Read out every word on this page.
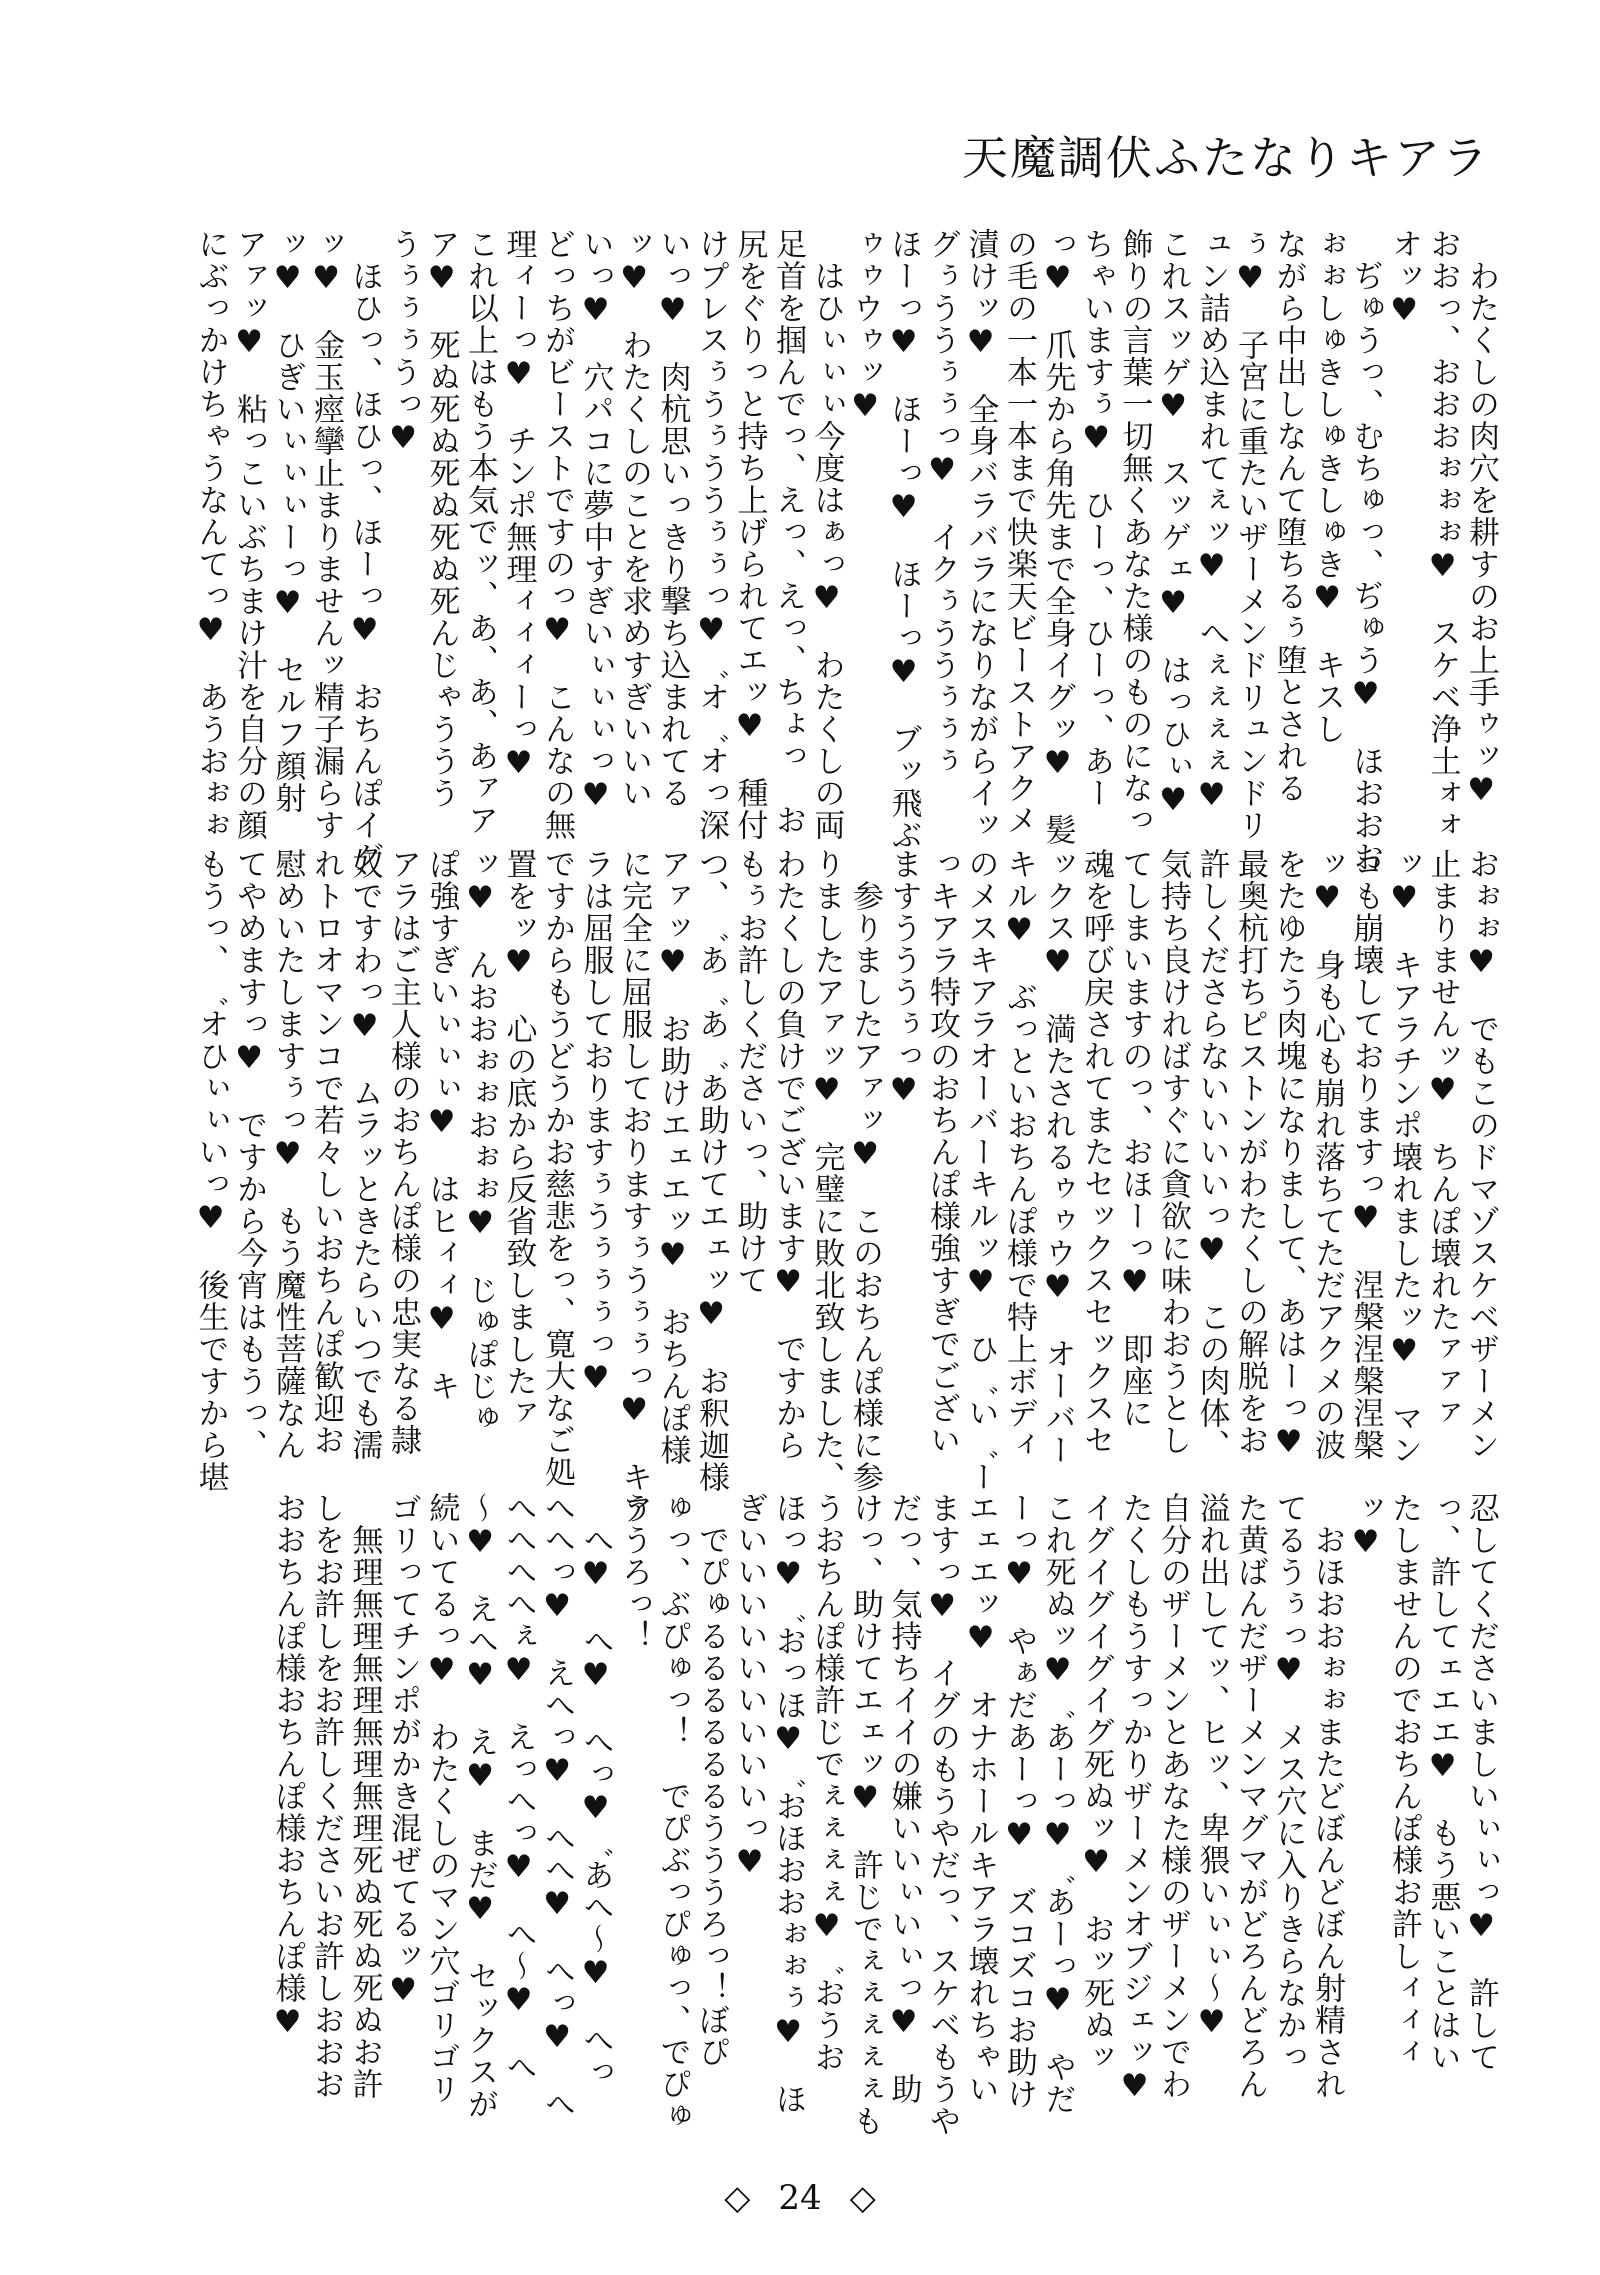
天魔調伏ふたなりキアラ
　わたくしの肉穴を耕すのお上手ゥッ♥
おおっ、おおおぉぉぉ♥　スケベ浄土ォォ
オッ♥
　ぢゅうっ、むちゅっ、ぢゅう♥　ほおおお
ぉぉしゅきしゅきしゅき♥　キスし
ながら中出しなんて堕ちるぅ堕とされる
ぅ♥　子宮に重たいザーメンドリュンドリ
ュン詰め込まれてぇッ♥　へぇぇぇぇ♥
これスッゲ♥　スッゲェ♥　はっひぃ♥
飾りの言葉一切無くあなた様のものになっ
ちゃいますぅ♥　ひーっ、ひーっ、あー
っ♥　爪先から角先まで全身イグッ♥　髪
の毛の一本一本まで快楽天ビーストアクメ
漬けッ♥　全身バラバラになりながらイッ
グぅううぅぅっ♥　イクぅううぅぅぅ
ほーっ♥　ほーっ♥　ほーっ♥　ブッ飛ぶ
ゥゥウゥッ♥
　はひぃぃぃ今度はぁっ♥　わたくしの両
足首を掴んでっ、えっ、えっ、ちょっ　お
尻をぐりっと持ち上げられてエッ♥　種付
けプレスぅうぅううぅぅっ♥゛オ゛オっ深
いっ♥　肉杭思いっきり撃ち込まれてる
ッ♥　わたくしのことを求めすぎいいい
いっ♥　穴パコに夢中すぎいぃぃぃっ♥
どっちがビーストですのっ♥　こんなの無
理ィーっ♥　チンポ無理ィィィーっ♥
これ以上はもう本気でッ、あ、あ、あァア
ア♥　死ぬ死ぬ死ぬ死ぬ死んじゃううう
うぅぅぅうっ♥
　ほひっ、ほひっ、ほーっ♥　おちんぽイグ
ッ♥　金玉痙攣止まりませんッ精子漏らす
ッ♥　ひぎいぃぃぃーっ♥　セルフ顔射
アァッ♥　粘っこいぶちまけ汁を自分の顔
にぶっかけちゃうなんてっ♥　あうおぉぉ
おぉぉ♥　でもこのドマゾスケベザーメン
止まりませんッ♥　ちんぽ壊れたァァァ
ッ♥　キアラチンポ壊れましたッ♥　マン
コも崩壊しておりますっ♥　涅槃涅槃涅槃
ッ♥　身も心も崩れ落ちてただアクメの波
をたゆたう肉塊になりまして、あはーっ♥
最奥杭打ちピストンがわたくしの解脱をお
許しくださらないいいいっ♥　この肉体、
気持ち良ければすぐに貪欲に味わおうとし
てしまいますのっ、おほーっ♥　即座に
魂を呼び戻されてまたセックスセックスセ
ックス♥　満たされるゥゥウ♥　オーバー
キル♥　ぶっといおちんぽ様で特上ボディ
のメスキアラオーバーキルッ♥　ひ゛い゛ー
っキアラ特攻のおちんぽ様強すぎでござい
ますうううぅっ♥
　参りましたアァッ♥　このおちんぽ様に参
りましたアァッ♥　完璧に敗北致しました、
わたくしの負けでございます♥　ですから
もぅお許しくださいっ、助けて
つ、゛あ゛あ゛あ助けてエェッ♥　お釈迦様
アァッ♥　お助けエェエッ♥　おちんぽ様
に完全に屈服しておりますぅうぅぅっ♥　キア
ラは屈服しておりますぅうぅぅぅっ♥
ですからもうどうかお慈悲をっ、寛大なご処
置をッ♥　心の底から反省致しましたァ
ッ♥　んおおぉぉおぉぉ♥　じゅぽじゅ
ぽ強すぎいぃぃぃ♥　はヒィィ♥　キ
アラはご主人様のおちんぽ様の忠実なる隷
奴ですわっ♥　ムラッときたらいつでも濡
れトロオマンコで若々しいおちんぽ歓迎お
慰めいたしますぅっ♥　もう魔性菩薩なん
てやめますっ♥　ですから今宵はもうっ、
もうっ、゛オひぃぃいっ♥　後生ですから堪
忍してくださいましいぃぃっ♥　許して
っ、許してェエエ♥　もう悪いことはい
たしませんのでおちんぽ様お許しィィィ
ッ♥
　おほおおぉぉまたどぼんどぼん射精され
てるうぅっ♥　メス穴に入りきらなかっ
た黄ばんだザーメンマグマがどろんどろん
溢れ出してッ、ヒッ、卑猥いぃぃ〜♥
自分のザーメンとあなた様のザーメンでわ
たくしもうすっかりザーメンオブジェッ♥
イグイグイグイグ死ぬッ♥　おッ死ぬッ
これ死ぬッ♥゛あーっ♥゛あーっ♥　やだ
ーっ♥　やぁだあーっ♥　ズコズコお助け
エェエッ♥　オナホールキアラ壊れちゃい
ますっ♥　イグのもうやだっ、スケベもうや
だっ、気持ちイイの嫌いいぃいぃっ♥　助
けっ、助けてエェッ♥　許じでぇぇぇぇぇも
うおちんぽ様許じでぇぇぇぇ♥゛おうお
ほっ♥゛おっほ♥゛おほおおぉぉぅ♥　ほ
ぎいいいいいいいいいっ♥
　でぴゅるるるるるるうううろっ！ぼぴ
ゅっ、ぶぴゅっ！　でぴぶっぴゅっ、でぴゅ
ううろっ！
　へ♥　へ♥　へっ♥゛あへ〜♥　へっ
へへっ♥　えへっ♥　へへ♥　へっ♥　へ
へへへへぇ♥　えっへっ♥　へ〜♥　へ
〜♥　えへ♥　え♥　まだ♥　セックスが
続いてるっ♥　わたくしのマン穴ゴリゴリ
ゴリってチンポがかき混ぜてるッ♥
　無理無理無理無理無理死ぬ死ぬ死ぬお許
しをお許しをお許しくださいお許しおおお
おおちんぽ様おちんぽ様おちんぽ様♥
◇ 24 ◇
